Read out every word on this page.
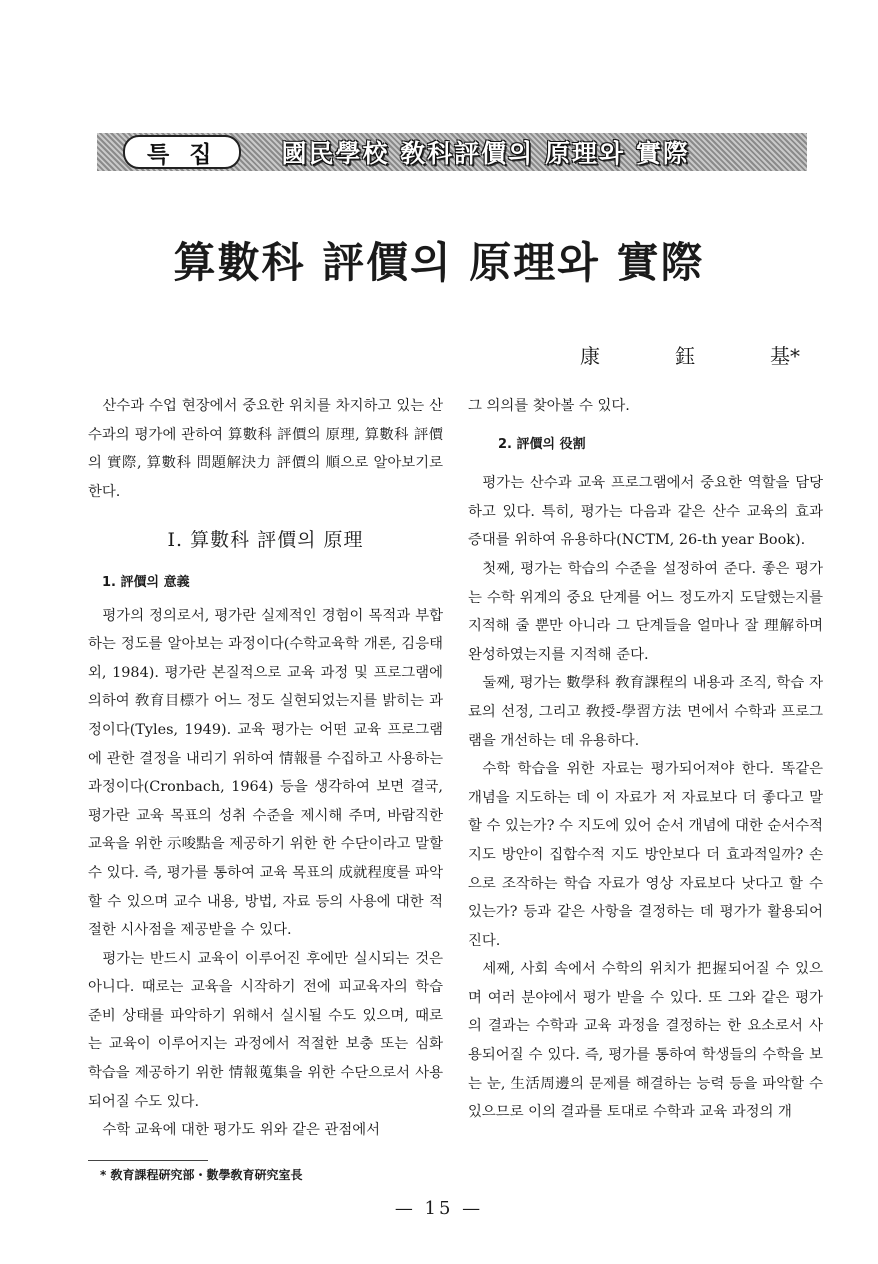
특 집	國民學校 敎科評價의 原理와 實際
算數科 評價의 原理와 實際
康	鈺	基*

산수과 수업 현장에서 중요한 위치를 차지하고 있는 산수과의 평가에 관하여 算數科 評價의 原理, 算數科 評價의 實際, 算數科 問題解決力 評價의 順으로 알아보기로 한다.

Ⅰ. 算數科 評價의 原理
1. 評價의 意義

평가의 정의로서, 평가란 실제적인 경험이 목적과 부합하는 정도를 알아보는 과정이다(수학교육학 개론, 김응태 외, 1984). 평가란 본질적으로 교육 과정 및 프로그램에 의하여 敎育目標가 어느 정도 실현되었는지를 밝히는 과정이다(Tyles, 1949). 교육 평가는 어떤 교육 프로그램에 관한 결정을 내리기 위하여 情報를 수집하고 사용하는 과정이다(Cronbach, 1964) 등을 생각하여 보면 결국, 평가란 교육 목표의 성취 수준을 제시해 주며, 바람직한 교육을 위한 示唆點을 제공하기 위한 한 수단이라고 말할 수 있다. 즉, 평가를 통하여 교육 목표의 成就程度를 파악할 수 있으며 교수 내용, 방법, 자료 등의 사용에 대한 적절한 시사점을 제공받을 수 있다.

평가는 반드시 교육이 이루어진 후에만 실시되는 것은 아니다. 때로는 교육을 시작하기 전에 피교육자의 학습 준비 상태를 파악하기 위해서 실시될 수도 있으며, 때로는 교육이 이루어지는 과정에서 적절한 보충 또는 심화 학습을 제공하기 위한 情報蒐集을 위한 수단으로서 사용되어질 수도 있다.

수학 교육에 대한 평가도 위와 같은 관점에서

그 의의를 찾아볼 수 있다.

2. 評價의 役割

평가는 산수과 교육 프로그램에서 중요한 역할을 담당하고 있다. 특히, 평가는 다음과 같은 산수 교육의 효과 증대를 위하여 유용하다(NCTM, 26-th year Book).

첫째, 평가는 학습의 수준을 설정하여 준다. 좋은 평가는 수학 위계의 중요 단계를 어느 정도까지 도달했는지를 지적해 줄 뿐만 아니라 그 단계들을 얼마나 잘 理解하며 완성하였는지를 지적해 준다.

둘째, 평가는 數學科 敎育課程의 내용과 조직, 학습 자료의 선정, 그리고 敎授-學習方法 면에서 수학과 프로그램을 개선하는 데 유용하다.

수학 학습을 위한 자료는 평가되어져야 한다. 똑같은 개념을 지도하는 데 이 자료가 저 자료보다 더 좋다고 말할 수 있는가? 수 지도에 있어 순서 개념에 대한 순서수적 지도 방안이 집합수적 지도 방안보다 더 효과적일까? 손으로 조작하는 학습 자료가 영상 자료보다 낫다고 할 수 있는가? 등과 같은 사항을 결정하는 데 평가가 활용되어진다.

세째, 사회 속에서 수학의 위치가 把握되어질 수 있으며 여러 분야에서 평가 받을 수 있다. 또 그와 같은 평가의 결과는 수학과 교육 과정을 결정하는 한 요소로서 사용되어질 수 있다. 즉, 평가를 통하여 학생들의 수학을 보는 눈, 生活周邊의 문제를 해결하는 능력 등을 파악할 수 있으므로 이의 결과를 토대로 수학과 교육 과정의 개

* 敎育課程硏究部・數學敎育硏究室長
— 15 —
